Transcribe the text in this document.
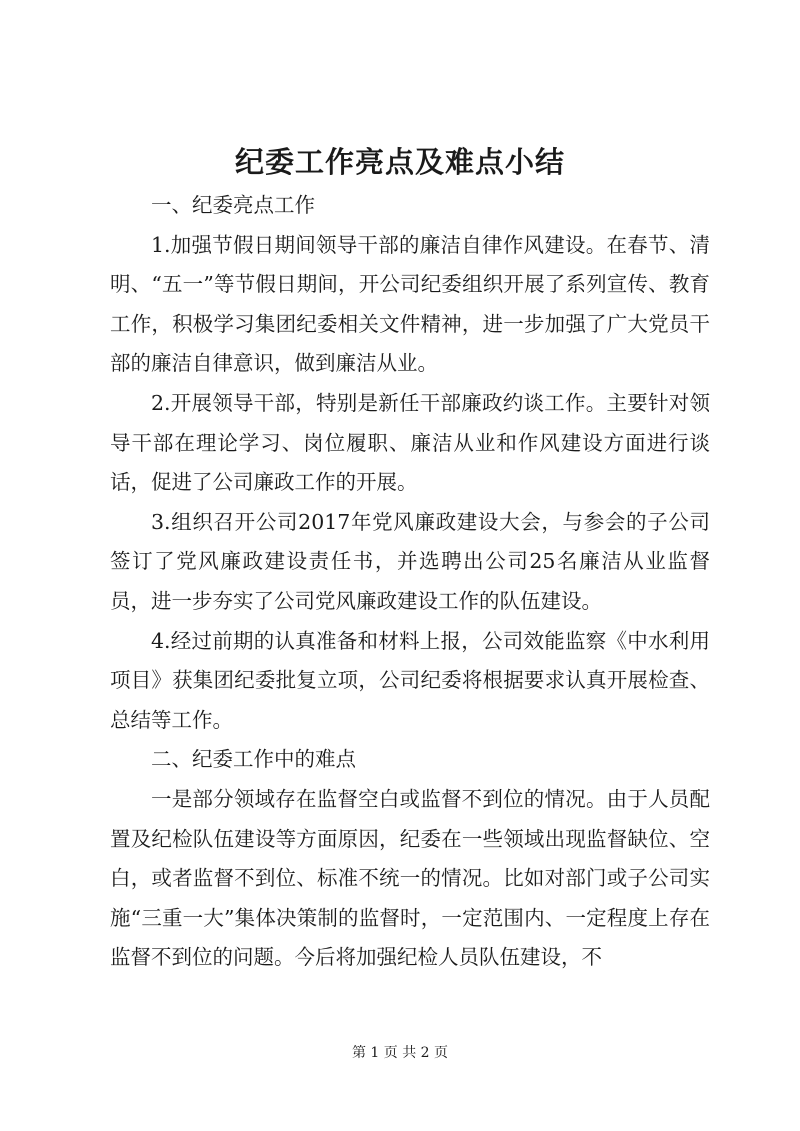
纪委工作亮点及难点小结

一、纪委亮点工作

1.加强节假日期间领导干部的廉洁自律作风建设。在春节、清明、“五一”等节假日期间，开公司纪委组织开展了系列宣传、教育工作，积极学习集团纪委相关文件精神，进一步加强了广大党员干部的廉洁自律意识，做到廉洁从业。

2.开展领导干部，特别是新任干部廉政约谈工作。主要针对领导干部在理论学习、岗位履职、廉洁从业和作风建设方面进行谈话，促进了公司廉政工作的开展。

3.组织召开公司2017年党风廉政建设大会，与参会的子公司签订了党风廉政建设责任书，并选聘出公司25名廉洁从业监督员，进一步夯实了公司党风廉政建设工作的队伍建设。

4.经过前期的认真准备和材料上报，公司效能监察《中水利用项目》获集团纪委批复立项，公司纪委将根据要求认真开展检查、总结等工作。

二、纪委工作中的难点

一是部分领域存在监督空白或监督不到位的情况。由于人员配置及纪检队伍建设等方面原因，纪委在一些领域出现监督缺位、空白，或者监督不到位、标准不统一的情况。比如对部门或子公司实施“三重一大”集体决策制的监督时，一定范围内、一定程度上存在监督不到位的问题。今后将加强纪检人员队伍建设，不

第 1 页 共 2 页
